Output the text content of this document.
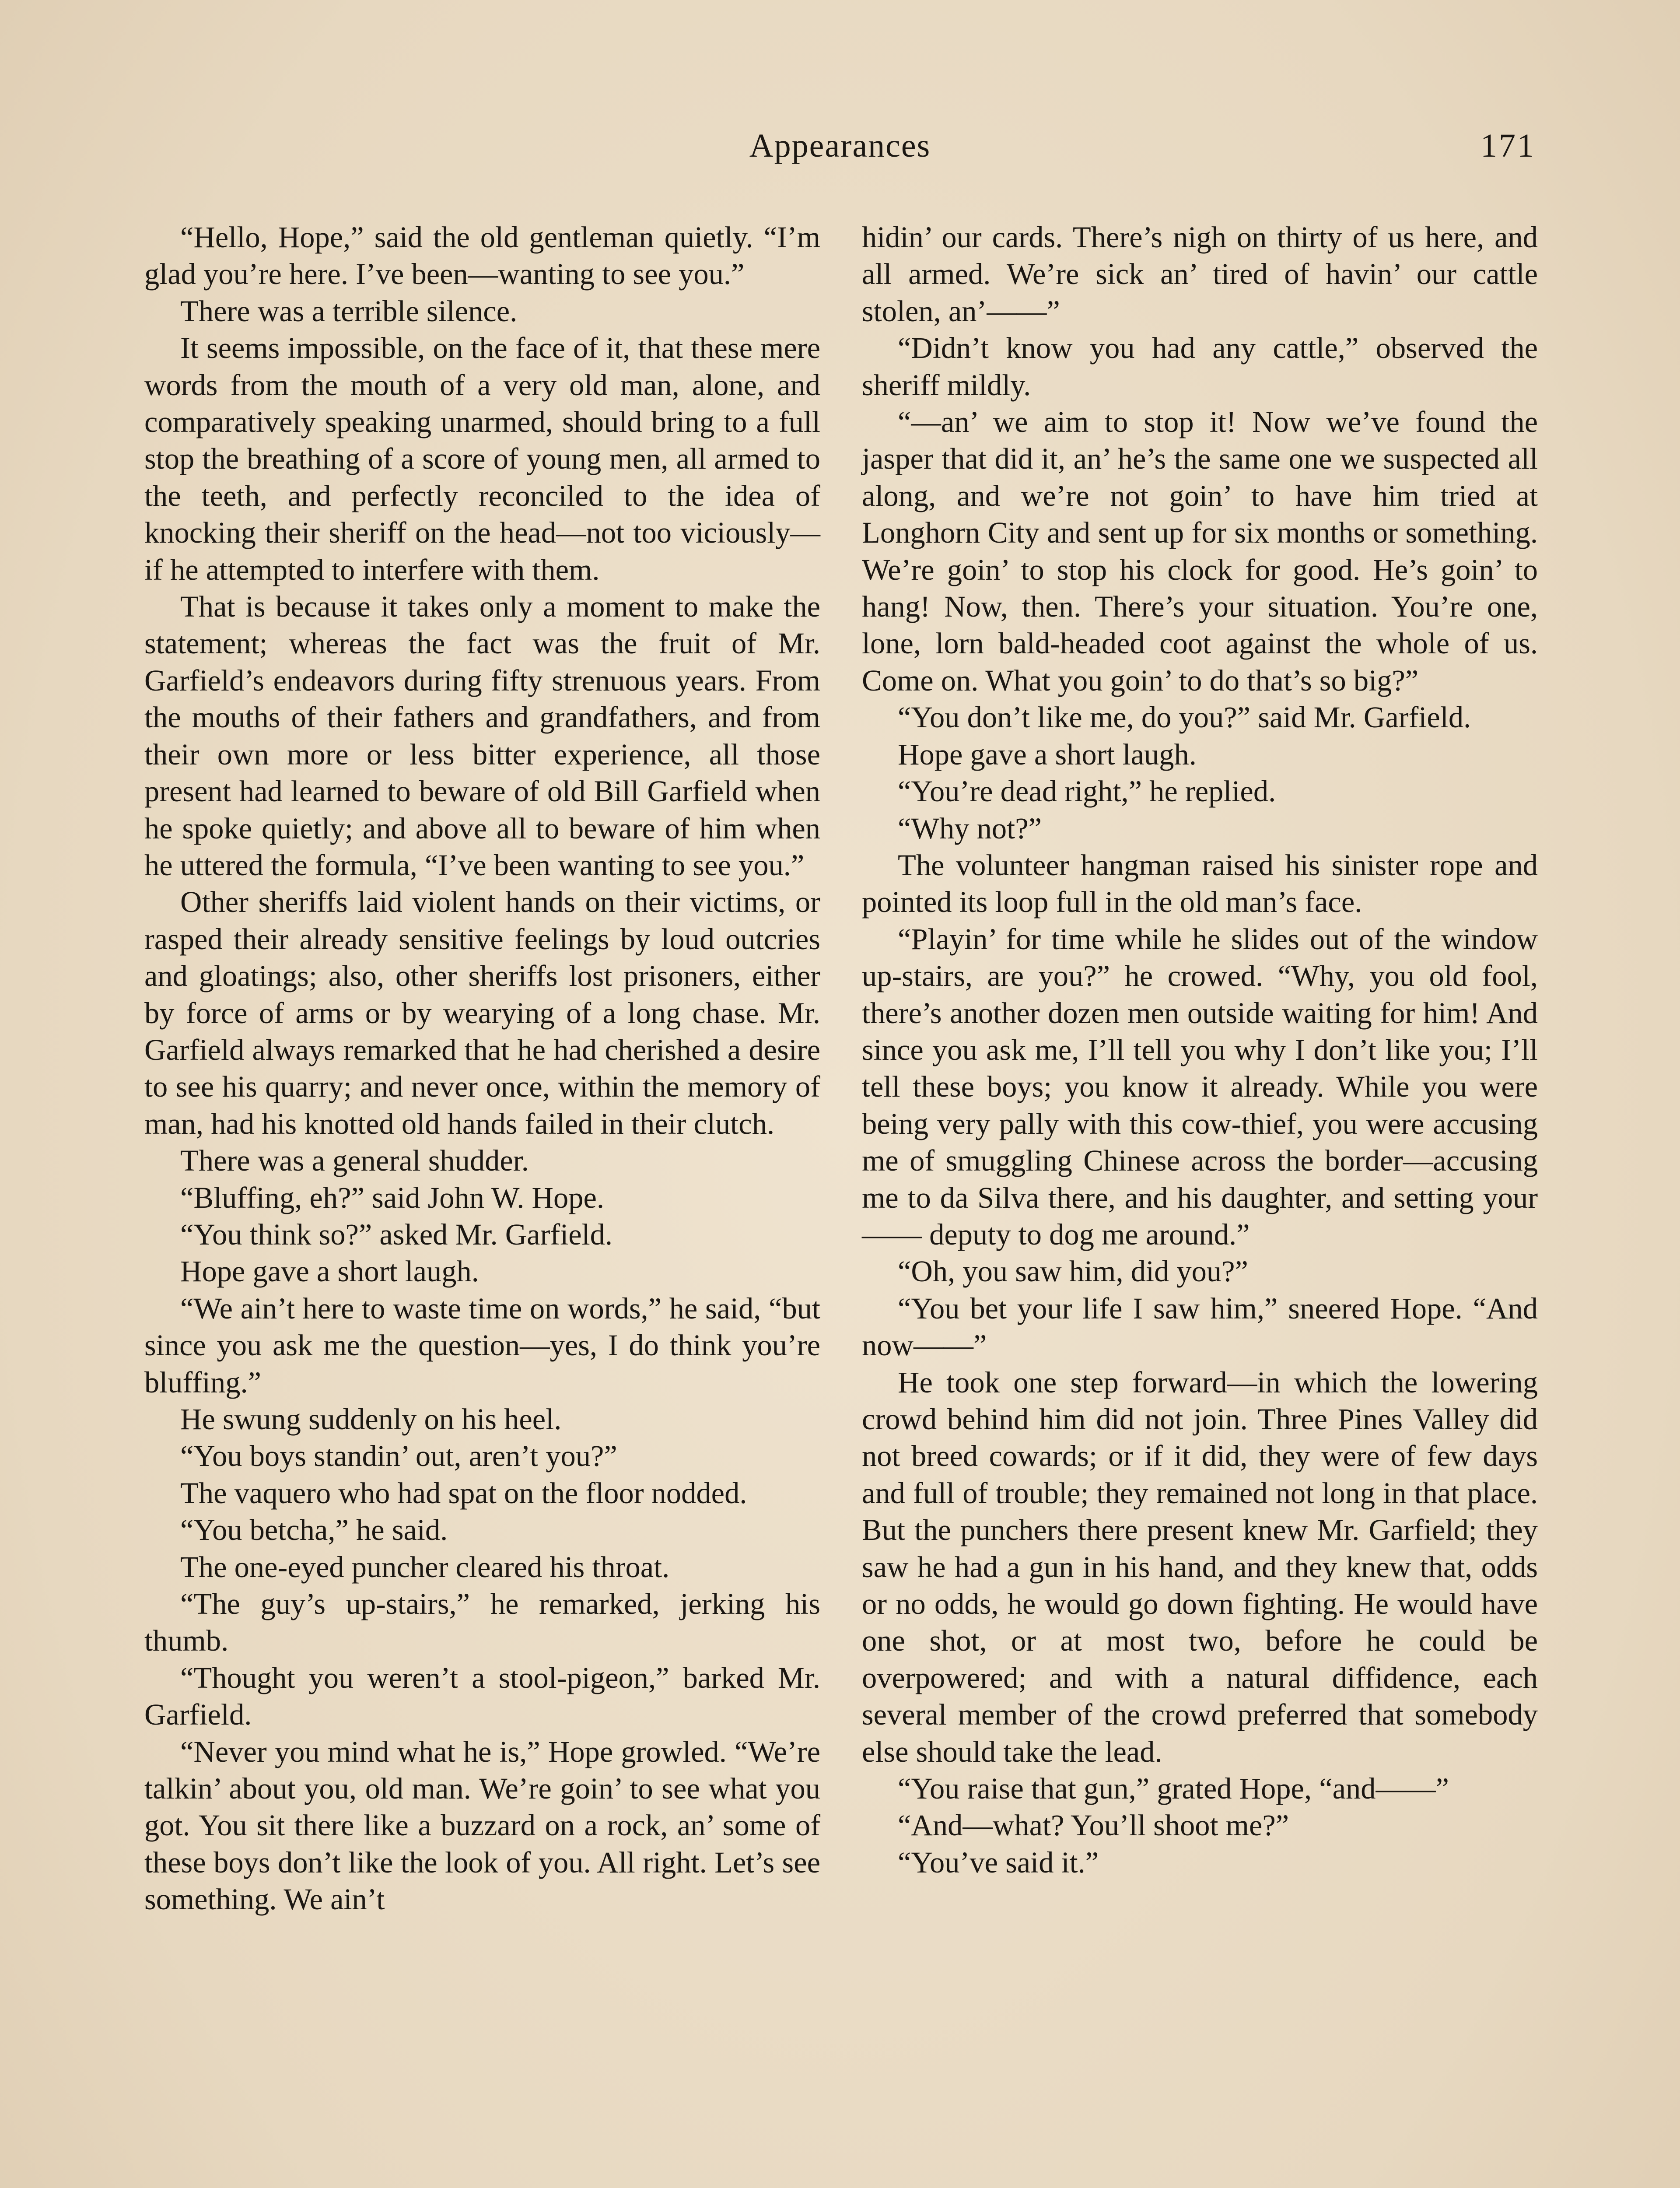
Appearances	171

“Hello, Hope,” said the old gentleman quietly. “I’m glad you’re here. I’ve been—wanting to see you.”

There was a terrible silence.

It seems impossible, on the face of it, that these mere words from the mouth of a very old man, alone, and comparatively speaking unarmed, should bring to a full stop the breathing of a score of young men, all armed to the teeth, and perfectly reconciled to the idea of knocking their sheriff on the head—not too viciously—if he attempted to interfere with them.

That is because it takes only a moment to make the statement; whereas the fact was the fruit of Mr. Garfield’s endeavors during fifty strenuous years. From the mouths of their fathers and grandfathers, and from their own more or less bitter experience, all those present had learned to beware of old Bill Garfield when he spoke quietly; and above all to beware of him when he uttered the formula, “I’ve been wanting to see you.”

Other sheriffs laid violent hands on their victims, or rasped their already sensitive feelings by loud outcries and gloatings; also, other sheriffs lost prisoners, either by force of arms or by wearying of a long chase. Mr. Garfield always remarked that he had cherished a desire to see his quarry; and never once, within the memory of man, had his knotted old hands failed in their clutch.

There was a general shudder.

“Bluffing, eh?” said John W. Hope.

“You think so?” asked Mr. Garfield.

Hope gave a short laugh.

“We ain’t here to waste time on words,” he said, “but since you ask me the question—yes, I do think you’re bluffing.”

He swung suddenly on his heel.

“You boys standin’ out, aren’t you?”

The vaquero who had spat on the floor nodded.

“You betcha,” he said.

The one-eyed puncher cleared his throat.

“The guy’s up-stairs,” he remarked, jerking his thumb.

“Thought you weren’t a stool-pigeon,” barked Mr. Garfield.

“Never you mind what he is,” Hope growled. “We’re talkin’ about you, old man. We’re goin’ to see what you got. You sit there like a buzzard on a rock, an’ some of these boys don’t like the look of you. All right. Let’s see something. We ain’t

hidin’ our cards. There’s nigh on thirty of us here, and all armed. We’re sick an’ tired of havin’ our cattle stolen, an’——”

“Didn’t know you had any cattle,” observed the sheriff mildly.

“—an’ we aim to stop it! Now we’ve found the jasper that did it, an’ he’s the same one we suspected all along, and we’re not goin’ to have him tried at Longhorn City and sent up for six months or something. We’re goin’ to stop his clock for good. He’s goin’ to hang! Now, then. There’s your situation. You’re one, lone, lorn bald-headed coot against the whole of us. Come on. What you goin’ to do that’s so big?”

“You don’t like me, do you?” said Mr. Garfield.

Hope gave a short laugh.

“You’re dead right,” he replied.

“Why not?”

The volunteer hangman raised his sinister rope and pointed its loop full in the old man’s face.

“Playin’ for time while he slides out of the window up-stairs, are you?” he crowed. “Why, you old fool, there’s another dozen men outside waiting for him! And since you ask me, I’ll tell you why I don’t like you; I’ll tell these boys; you know it already. While you were being very pally with this cow-thief, you were accusing me of smuggling Chinese across the border—accusing me to da Silva there, and his daughter, and setting your —— deputy to dog me around.”

“Oh, you saw him, did you?”

“You bet your life I saw him,” sneered Hope. “And now——”

He took one step forward—in which the lowering crowd behind him did not join. Three Pines Valley did not breed cowards; or if it did, they were of few days and full of trouble; they remained not long in that place. But the punchers there present knew Mr. Garfield; they saw he had a gun in his hand, and they knew that, odds or no odds, he would go down fighting. He would have one shot, or at most two, before he could be overpowered; and with a natural diffidence, each several member of the crowd preferred that somebody else should take the lead.

“You raise that gun,” grated Hope, “and——”

“And—what? You’ll shoot me?”

“You’ve said it.”
